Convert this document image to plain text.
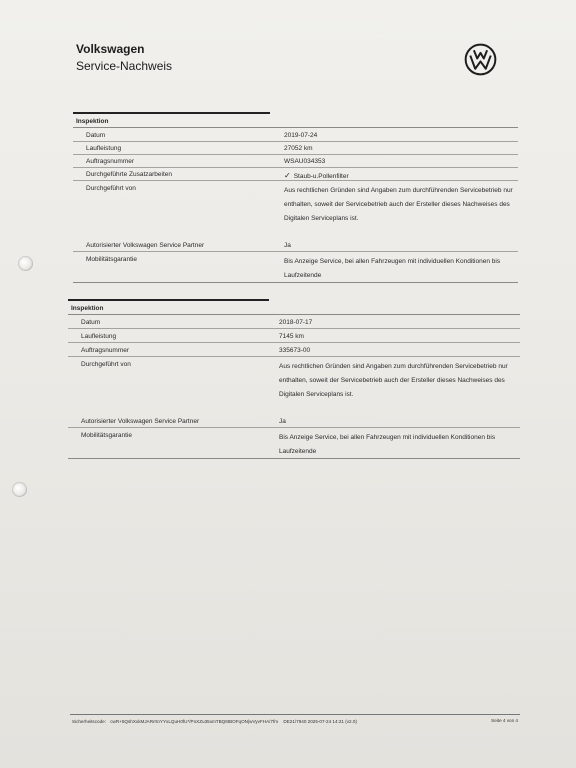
Volkswagen
Service-Nachweis
Inspektion
Datum	2019-07-24
Laufleistung	27052 km
Auftragsnummer	WSAU034353
Durchgeführte Zusatzarbeiten	✓ Staub-u.Pollenfilter
Durchgeführt von	Aus rechtlichen Gründen sind Angaben zum durchführenden Servicebetrieb nur enthalten, soweit der Servicebetrieb auch der Ersteller dieses Nachweises des Digitalen Serviceplans ist.
Autorisierter Volkswagen Service Partner	Ja
Mobilitätsgarantie	Bis Anzeige Service, bei allen Fahrzeugen mit individuellen Konditionen bis Laufzeitende
Inspektion
Datum	2018-07-17
Laufleistung	7145 km
Auftragsnummer	335673-00
Durchgeführt von	Aus rechtlichen Gründen sind Angaben zum durchführenden Servicebetrieb nur enthalten, soweit der Servicebetrieb auch der Ersteller dieses Nachweises des Digitalen Serviceplans ist.
Autorisierter Volkswagen Service Partner	Ja
Mobilitätsgarantie	Bis Anzeige Service, bei allen Fahrzeugen mit individuellen Konditionen bis Laufzeitende
Sicherheitscode: cwR+5QshXxkMJARrrtnYYxLQuH0fU*/PoXZu35xmTBQ6tBOFqON|wVyvFHA/7fm DE21/7940 2025-07-24 14:21 (v2.0)	Seite 4 von 4
